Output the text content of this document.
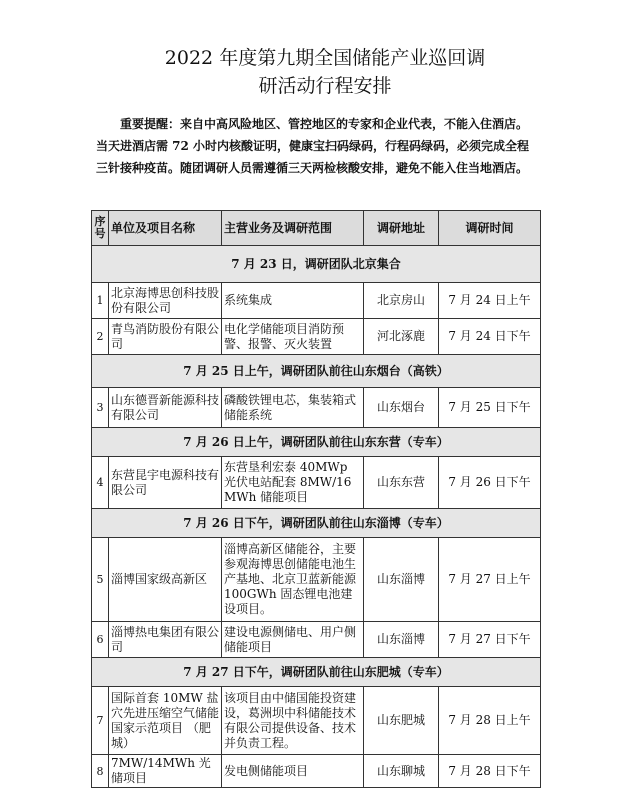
2022 年度第九期全国储能产业巡回调
研活动行程安排

重要提醒：来自中高风险地区、管控地区的专家和企业代表，不能入住酒店。当天进酒店需 72 小时内核酸证明，健康宝扫码绿码，行程码绿码，必须完成全程三针接种疫苗。随团调研人员需遵循三天两检核酸安排，避免不能入住当地酒店。

序号	单位及项目名称	主营业务及调研范围	调研地址	调研时间
7 月 23 日，调研团队北京集合				
1	北京海博思创科技股份有限公司	系统集成	北京房山	7 月 24 日上午
2	青鸟消防股份有限公司	电化学储能项目消防预警、报警、灭火装置	河北涿鹿	7 月 24 日下午
7 月 25 日上午，调研团队前往山东烟台（高铁）				
3	山东德晋新能源科技有限公司	磷酸铁锂电芯，集装箱式储能系统	山东烟台	7 月 25 日下午
7 月 26 日上午，调研团队前往山东东营（专车）				
4	东营昆宇电源科技有限公司	东营垦利宏泰 40MWp 光伏电站配套 8MW/16MWh 储能项目	山东东营	7 月 26 日下午
7 月 26 日下午，调研团队前往山东淄博（专车）				
5	淄博国家级高新区	淄博高新区储能谷，主要参观海博思创储能电池生产基地、北京卫蓝新能源 100GWh 固态锂电池建设项目。	山东淄博	7 月 27 日上午
6	淄博热电集团有限公司	建设电源侧储电、用户侧储能项目	山东淄博	7 月 27 日下午
7 月 27 日下午，调研团队前往山东肥城（专车）				
7	国际首套 10MW 盐穴先进压缩空气储能国家示范项目 （肥城）	该项目由中储国能投资建设，葛洲坝中科储能技术有限公司提供设备、技术并负责工程。	山东肥城	7 月 28 日上午
8	7MW/14MWh 光储项目	发电侧储能项目	山东聊城	7 月 28 日下午
